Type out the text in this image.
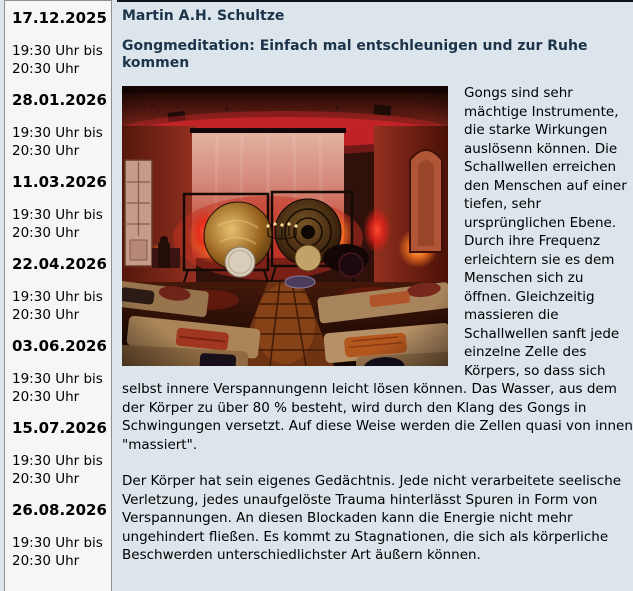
17.12.2025
19:30 Uhr bis
20:30 Uhr
28.01.2026
19:30 Uhr bis
20:30 Uhr
11.03.2026
19:30 Uhr bis
20:30 Uhr
22.04.2026
19:30 Uhr bis
20:30 Uhr
03.06.2026
19:30 Uhr bis
20:30 Uhr
15.07.2026
19:30 Uhr bis
20:30 Uhr
26.08.2026
19:30 Uhr bis
20:30 Uhr
Martin A.H. Schultze
Gongmeditation: Einfach mal entschleunigen und zur Ruhe kommen
Gongs sind sehr mächtige Instrumente, die starke Wirkungen auslösenn können. Die Schallwellen erreichen den Menschen auf einer tiefen, sehr ursprünglichen Ebene. Durch ihre Frequenz erleichtern sie es dem Menschen sich zu öffnen. Gleichzeitig massieren die Schallwellen sanft jede einzelne Zelle des Körpers, so dass sich selbst innere Verspannungenn leicht lösen können. Das Wasser, aus dem der Körper zu über 80 % besteht, wird durch den Klang des Gongs in Schwingungen versetzt. Auf diese Weise werden die Zellen quasi von innen "massiert".
Der Körper hat sein eigenes Gedächtnis. Jede nicht verarbeitete seelische Verletzung, jedes unaufgelöste Trauma hinterlässt Spuren in Form von Verspannungen. An diesen Blockaden kann die Energie nicht mehr ungehindert fließen. Es kommt zu Stagnationen, die sich als körperliche Beschwerden unterschiedlichster Art äußern können.
